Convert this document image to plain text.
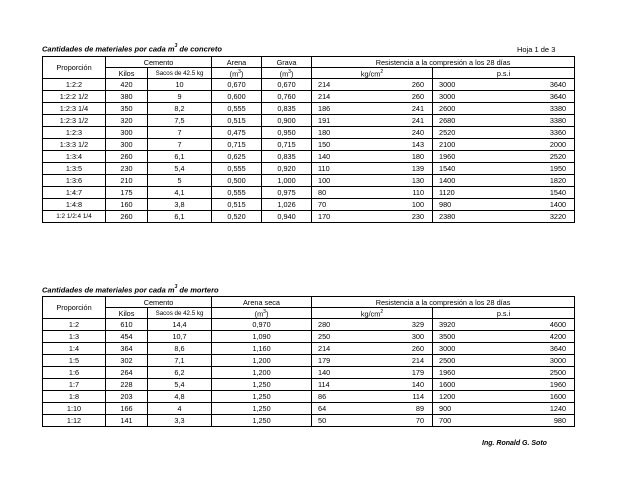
Cantidades de materiales por cada $m^3$ de concreto	Hoja 1 de 3
Proporción	Cemento		Arena	Grava	Resistencia a la compresión a los 28 días			
	Kilos	Sacos de 42.5 kg	$(m^3)$	$(m^3)$	$kg/cm^2$		p.s.i	
1:2:2	420	10	0,670	0,670	214	260	3000	3640
1:2:2 1/2	380	9	0,600	0,760	214	260	3000	3640
1:2:3 1/4	350	8,2	0,555	0,835	186	241	2600	3380
1:2:3 1/2	320	7,5	0,515	0,900	191	241	2680	3380
1:2:3	300	7	0,475	0,950	180	240	2520	3360
1:3:3 1/2	300	7	0,715	0,715	150	143	2100	2000
1:3:4	260	6,1	0,625	0,835	140	180	1960	2520
1:3:5	230	5,4	0,555	0,920	110	139	1540	1950
1:3:6	210	5	0,500	1,000	100	130	1400	1820
1:4:7	175	4,1	0,555	0,975	80	110	1120	1540
1:4:8	160	3,8	0,515	1,026	70	100	980	1400
1:2 1/2:4 1/4	260	6,1	0,520	0,940	170	230	2380	3220
Cantidades de materiales por cada $m^3$ de mortero
Proporción	Cemento		Arena seca	Resistencia a la compresión a los 28 días			
	Kilos	Sacos de 42.5 kg	$(m^3)$	$kg/cm^2$		p.s.i	
1:2	610	14,4	0,970	280	329	3920	4600
1:3	454	10,7	1,090	250	300	3500	4200
1:4	364	8,6	1,160	214	260	3000	3640
1:5	302	7,1	1,200	179	214	2500	3000
1:6	264	6,2	1,200	140	179	1960	2500
1:7	228	5,4	1,250	114	140	1600	1960
1:8	203	4,8	1,250	86	114	1200	1600
1:10	166	4	1,250	64	89	900	1240
1:12	141	3,3	1,250	50	70	700	980
Ing. Ronald G. Soto
